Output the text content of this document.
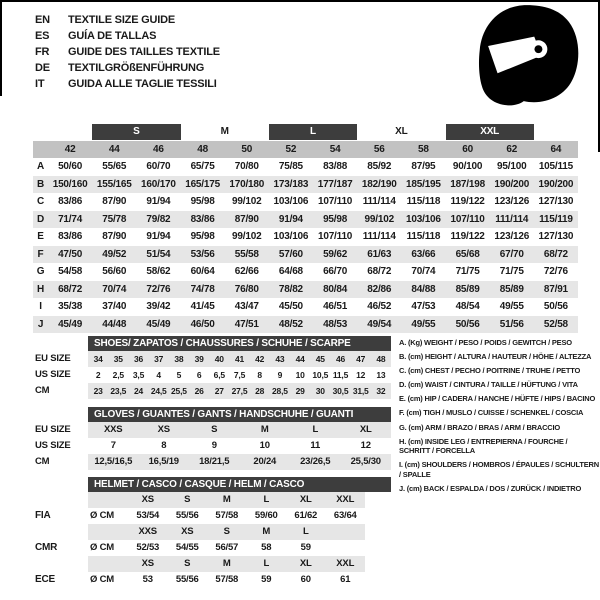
EN	TEXTILE SIZE GUIDE
ES	GUÍA DE TALLAS
FR	GUIDE DES TAILLES TEXTILE
DE	TEXTILGRÖßENFÜHRUNG
IT	GUIDA ALLE TAGLIE TESSILI
S	M	L	XL	XXL
42	44	46	48	50	52	54	56	58	60	62	64
A	50/60	55/65	60/70	65/75	70/80	75/85	83/88	85/92	87/95	90/100	95/100	105/115
B 150/160 155/165 160/170 165/175 170/180 173/183 177/187 182/190 185/195 187/198 190/200 190/200
C	83/86	87/90	91/94	95/98	99/102	103/106 107/110	111/114	115/118	119/122 123/126 127/130
D	71/74	75/78	79/82	83/86	87/90	91/94	95/98	99/102	103/106 107/110	111/114	115/119
E	83/86	87/90	91/94	95/98	99/102	103/106 107/110	111/114	115/118	119/122 123/126 127/130
F	47/50	49/52	51/54	53/56	55/58	57/60	59/62	61/63	63/66	65/68	67/70	68/72
G	54/58	56/60	58/62	60/64	62/66	64/68	66/70	68/72	70/74	71/75	71/75	72/76
H	68/72	70/74	72/76	74/78	76/80	78/82	80/84	82/86	84/88	85/89	85/89	87/91
I	35/38	37/40	39/42	41/45	43/47	45/50	46/51	46/52	47/53	48/54	49/55	50/56
J	45/49	44/48	45/49	46/50	47/51	48/52	48/53	49/54	49/55	50/56	51/56	52/58
SHOES/ ZAPATOS / CHAUSSURES / SCHUHE / SCARPE
EU SIZE	34	35	36	37	38	39	40	41	42	43	44	45	46	47	48
US SIZE	2	2,5	3,5	4	5	6	6,5	7,5	8	9	10 10,5 11,5 12	13
CM	23 23,5 24 24,5 25,5 26	27 27,5 28 28,5 29	30 30,5 31,5 32
GLOVES / GUANTES / GANTS / HANDSCHUHE / GUANTI
EU SIZE	XXS	XS	S	M	L	XL
US SIZE	7	8	9	10	11	12
CM	12,5/16,5	16,5/19	18/21,5	20/24	23/26,5	25,5/30
HELMET / CASCO / CASQUE / HELM / CASCO
XS	S	M	L	XL	XXL
FIA	Ø CM	53/54	55/56	57/58	59/60	61/62	63/64
XXS	XS	S	M	L
CMR	Ø CM	52/53	54/55	56/57	58	59
XS	S	M	L	XL	XXL
ECE	Ø CM	53	55/56	57/58	59	60	61
A. (Kg) WEIGHT / PESO / POIDS / GEWITCH / PESO
B. (cm) HEIGHT / ALTURA / HAUTEUR / HÖHE / ALTEZZA
C. (cm) CHEST / PECHO / POITRINE / TRUHE / PETTO
D. (cm) WAIST / CINTURA / TAILLE / HÜFTUNG / VITA
E. (cm) HIP / CADERA / HANCHE / HÜFTE / HIPS / BACINO
F. (cm) TIGH / MUSLO / CUISSE / SCHENKEL / COSCIA
G. (cm) ARM / BRAZO / BRAS / ARM / BRACCIO
H. (cm) INSIDE LEG / ENTREPIERNA / FOURCHE / SCHRITT / FORCELLA
I. (cm) SHOULDERS / HOMBROS / ÉPAULES / SCHULTERN / SPALLE
J. (cm) BACK / ESPALDA / DOS / ZURÜCK / INDIETRO
